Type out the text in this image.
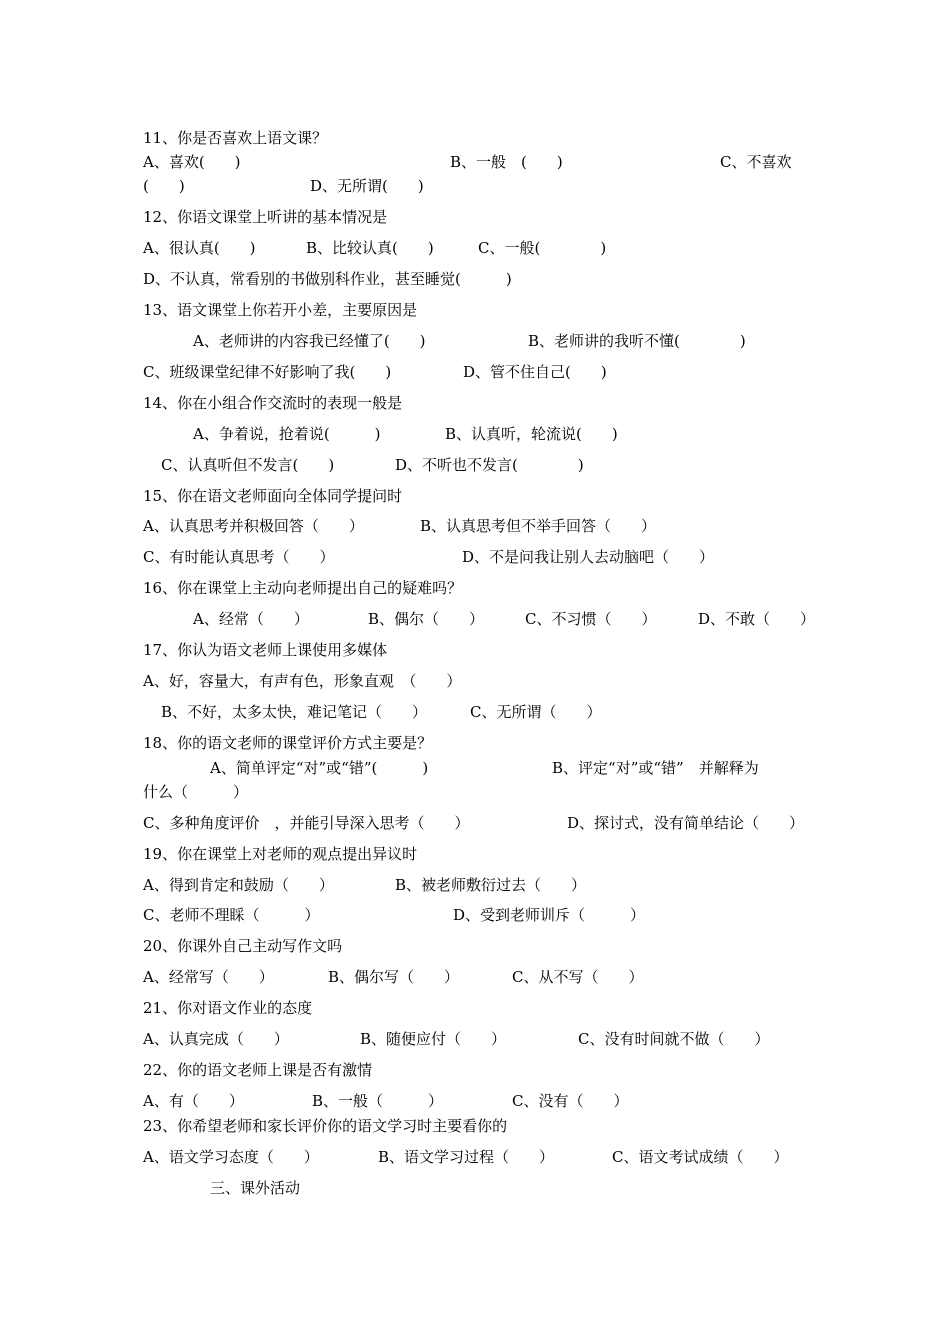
11、你是否喜欢上语文课？
A、喜欢(　　)	B、一般　(　　)	C、不喜欢
(　　)	D、无所谓(　　)
12、你语文课堂上听讲的基本情况是
A、很认真(　　)	B、比较认真(　　)	C、一般(　　　　)
D、不认真，常看别的书做别科作业，甚至睡觉(　　　)
13、语文课堂上你若开小差，主要原因是
A、老师讲的内容我已经懂了(　　)	B、老师讲的我听不懂(　　　　)
C、班级课堂纪律不好影响了我(　　)	D、管不住自己(　　)
14、你在小组合作交流时的表现一般是
A、争着说，抢着说(　　　)	B、认真听，轮流说(　　)
C、认真听但不发言(　　)	D、不听也不发言(　　　　)
15、你在语文老师面向全体同学提问时
A、认真思考并积极回答（　　）	B、认真思考但不举手回答（　　）
C、有时能认真思考（　　）	D、不是问我让别人去动脑吧（　　）
16、你在课堂上主动向老师提出自己的疑难吗？
A、经常（　　）	B、偶尔（　　）	C、不习惯（　　）	D、不敢（　　）
17、你认为语文老师上课使用多媒体
A、好，容量大，有声有色，形象直观　（　　）
B、不好，太多太快，难记笔记（　　）	C、无所谓（　　）
18、你的语文老师的课堂评价方式主要是？
A、简单评定“对”或“错”(　　　)	B、评定“对”或“错”　并解释为
什么（　　　）
C、多种角度评价　，并能引导深入思考（　　）	D、探讨式，没有简单结论（　　）
19、你在课堂上对老师的观点提出异议时
A、得到肯定和鼓励（　　）	B、被老师敷衍过去（　　）
C、老师不理睬（　　　）	D、受到老师训斥（　　　）
20、你课外自己主动写作文吗
A、经常写（　　）	B、偶尔写（　　）	C、从不写（　　）
21、你对语文作业的态度
A、认真完成（　　）	B、随便应付（　　）	C、没有时间就不做（　　）
22、你的语文老师上课是否有激情
A、有（　　）	B、一般（　　　）	C、没有（　　）
23、你希望老师和家长评价你的语文学习时主要看你的
A、语文学习态度（　　）	B、语文学习过程（　　）	C、语文考试成绩（　　）
三、课外活动
